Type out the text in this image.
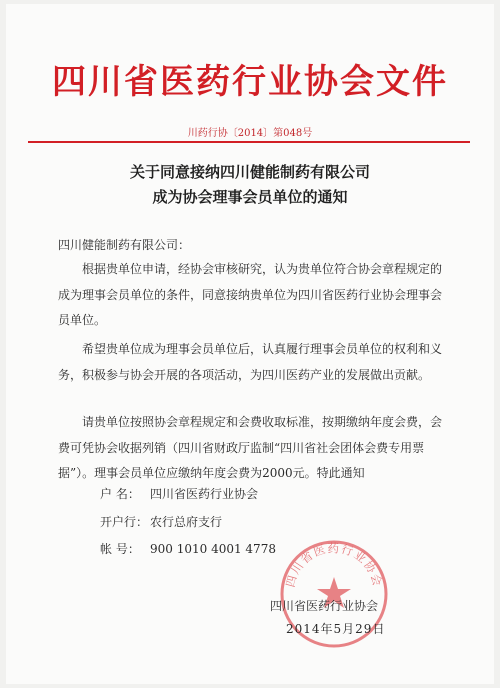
四川省医药行业协会文件
川药行协〔2014〕第048号
关于同意接纳四川健能制药有限公司
成为协会理事会员单位的通知
四川健能制药有限公司：
根据贵单位申请，经协会审核研究，认为贵单位符合协会章程规定的成为理事会员单位的条件，同意接纳贵单位为四川省医药行业协会理事会员单位。
希望贵单位成为理事会员单位后，认真履行理事会员单位的权利和义务，积极参与协会开展的各项活动，为四川医药产业的发展做出贡献。
请贵单位按照协会章程规定和会费收取标准，按期缴纳年度会费，会费可凭协会收据列销（四川省财政厅监制“四川省社会团体会费专用票据”）。理事会员单位应缴纳年度会费为2000元。特此通知
户 名： 四川省医药行业协会
开户行： 农行总府支行
帐 号： 900 1010 4001 4778
四川省医药行业协会
四川省医药行业协会
2014年5月29日
